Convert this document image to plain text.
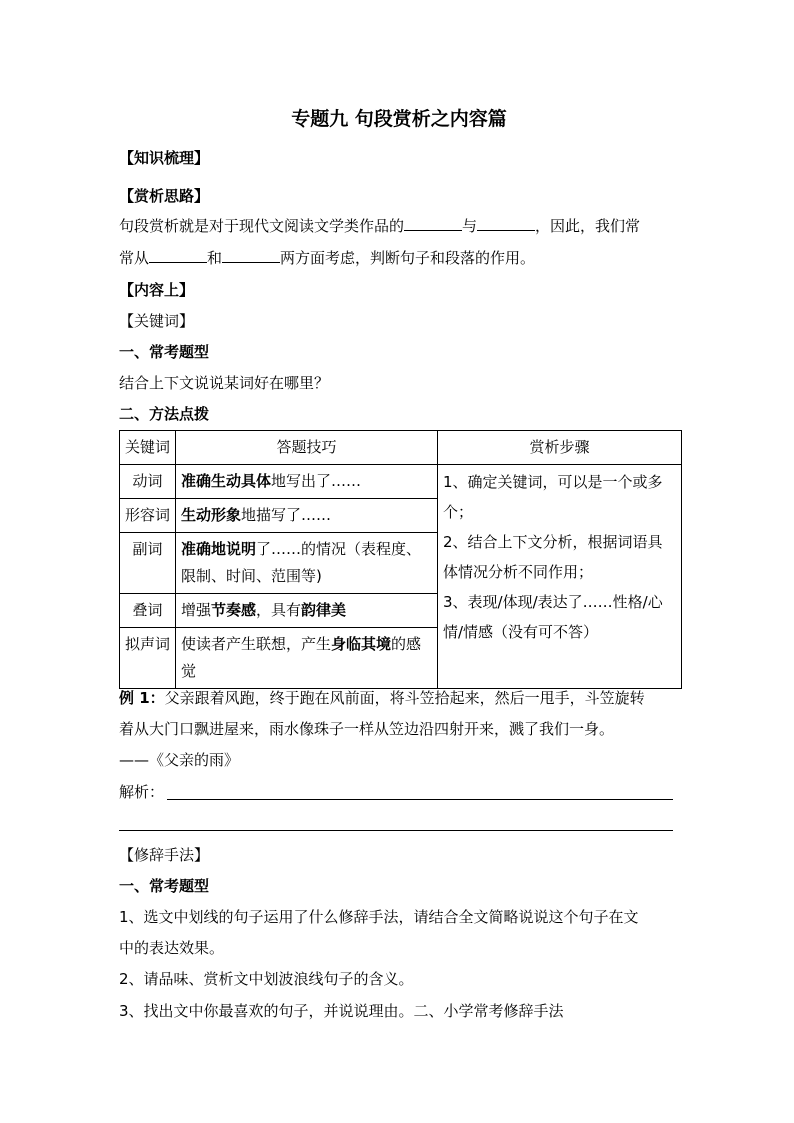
专题九 句段赏析之内容篇
【知识梳理】
【赏析思路】
句段赏析就是对于现代文阅读文学类作品的	与	，因此，我们常
常从	和	两方面考虑，判断句子和段落的作用。
【内容上】
【关键词】
一、常考题型
结合上下文说说某词好在哪里？
二、方法点拨
关键词	答题技巧	赏析步骤
动词	准确生动具体地写出了……	1、确定关键词，可以是一个或多个；
2、结合上下文分析，根据词语具体情况分析不同作用；
3、表现/体现/表达了……性格/心情/情感（没有可不答）

形容词	生动形象地描写了……	
副词	准确地说明了……的情况（表程度、限制、时间、范围等)	
叠词	增强节奏感，具有韵律美	
拟声词	使读者产生联想，产生身临其境的感觉	
例 1：父亲跟着风跑，终于跑在风前面，将斗笠拾起来，然后一甩手，斗笠旋转
着从大门口飘进屋来，雨水像珠子一样从笠边沿四射开来，溅了我们一身。
——《父亲的雨》
解析：
【修辞手法】
一、常考题型
1、选文中划线的句子运用了什么修辞手法，请结合全文简略说说这个句子在文
中的表达效果。
2、请品味、赏析文中划波浪线句子的含义。
3、找出文中你最喜欢的句子，并说说理由。二、小学常考修辞手法
